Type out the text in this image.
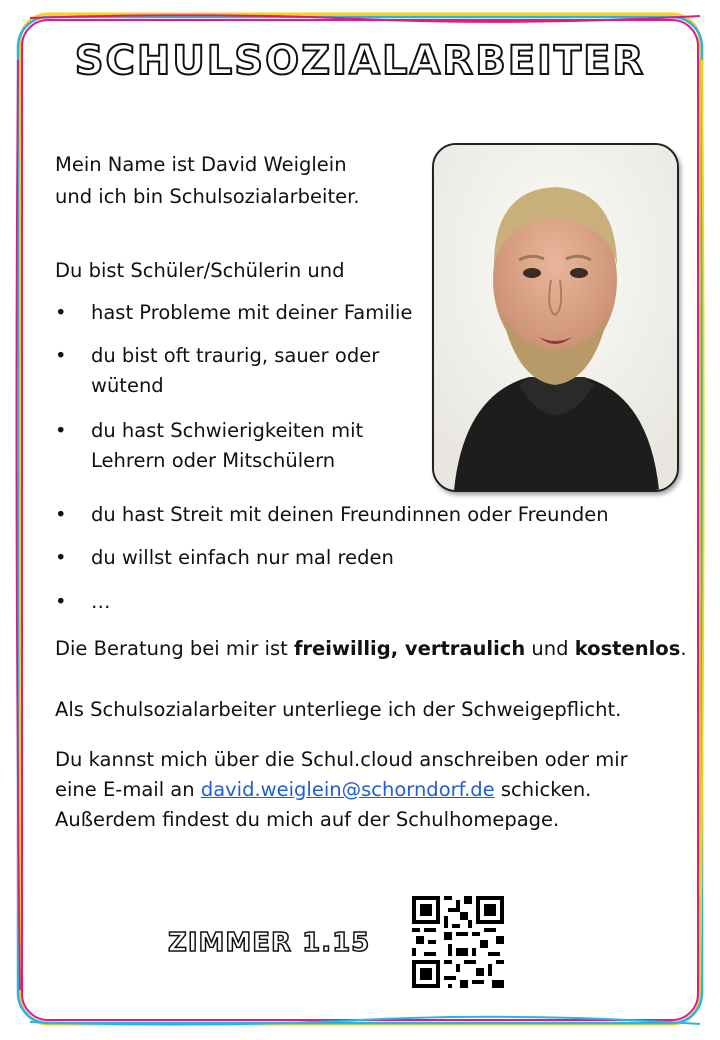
SCHULSOZIALARBEITER
Mein Name ist David Weiglein
und ich bin Schulsozialarbeiter.
Du bist Schüler/Schülerin und
• hast Probleme mit deiner Familie
• du bist oft traurig, sauer oder
wütend
• du hast Schwierigkeiten mit
Lehrern oder Mitschülern
• du hast Streit mit deinen Freundinnen oder Freunden
• du willst einfach nur mal reden
• …
Die Beratung bei mir ist freiwillig, vertraulich und kostenlos.
Als Schulsozialarbeiter unterliege ich der Schweigepflicht.
Du kannst mich über die Schul.cloud anschreiben oder mir
eine E-mail an david.weiglein@schorndorf.de schicken.
Außerdem findest du mich auf der Schulhomepage.
ZIMMER 1.15
